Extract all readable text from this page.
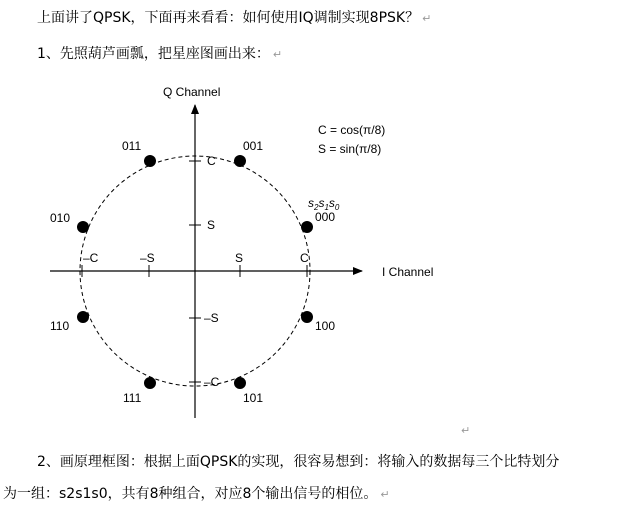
上面讲了QPSK，下面再来看看：如何使用IQ调制实现8PSK？ ↵
1、先照葫芦画瓢，把星座图画出来： ↵
Q Channel
I Channel
–C	–S	S	C
C
S
–S
–C
C = cos(π/8)
S = sin(π/8)
$s_2s_1s_0$
s2s1s0
000
001
011
010
110
111	101
100
↵
2、画原理框图：根据上面QPSK的实现，很容易想到：将输入的数据每三个比特划分
为一组：s2s1s0，共有8种组合，对应8个输出信号的相位。 ↵
